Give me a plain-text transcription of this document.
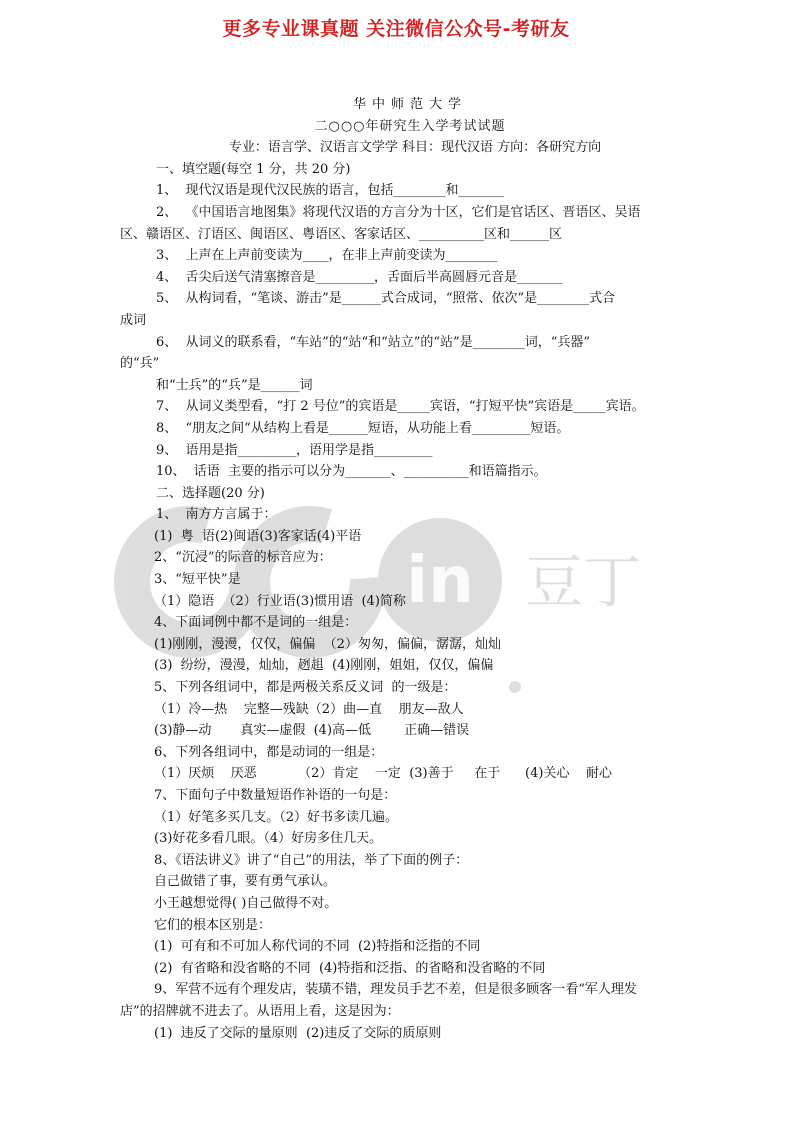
更多专业课真题 关注微信公众号-考研友
in 豆丁
华中师范大学
二○○○年研究生入学考试试题
专业：语言学、汉语言文学学 科目：现代汉语 方向：各研究方向
一、填空题(每空 1 分，共 20 分)
1、  现代汉语是现代汉民族的语言，包括________和_______
2、  《中国语言地图集》将现代汉语的方言分为十区，它们是官话区、晋语区、吴语
区、赣语区、汀语区、闽语区、粤语区、客家话区、__________区和______区
3、  上声在上声前变读为____，在非上声前变读为________
4、  舌尖后送气清塞擦音是_________，舌面后半高圆唇元音是_______
5、  从构词看，“笔谈、游击”是______式合成词，“照常、依次”是________式合
成词
6、  从词义的联系看，“车站”的“站“和“站立”的“站”是________词，“兵器”
的“兵”
和“士兵”的“兵”是______词
7、  从词义类型看，“打 2 号位”的宾语是_____宾语，“打短平快”宾语是_____宾语。
8、  “朋友之间“从结构上看是______短语，从功能上看_________短语。
9、  语用是指_________，语用学是指_________
10、  话语  主要的指示可以分为_______、__________和语篇指示。
二、选择题(20 分)
1、  南方方言属于：
(1)  粤  语(2)闽语(3)客家话(4)平语
2、“沉浸”的际音的标音应为：
3、“短平快”是
（1）隐语  （2）行业语(3)惯用语  (4)简称
4、下面词例中都不是词的一组是：
(1)刚刚，漫漫，仅仅，偏偏  （2）匆匆，偏偏，潺潺，灿灿
(3)  纷纷，漫漫，灿灿，趔趄  (4)刚刚，姐姐，仅仅，偏偏
5、下列各组词中，都是两极关系反义词  的一级是：
（1）冷—热    完整—残缺（2）曲—直    朋友—敌人
(3)静—动       真实—虚假  (4)高—低        正确—错误
6、下列各组词中，都是动词的一组是：
（1）厌烦    厌恶          （2）肯定    一定  (3)善于     在于      (4)关心    耐心
7、下面句子中数量短语作补语的一句是：
（1）好笔多买几支。（2）好书多读几遍。
(3)好花多看几眼。（4）好房多住几天。
8、《语法讲义》讲了“自己”的用法，举了下面的例子：
自己做错了事，要有勇气承认。
小王越想觉得( )自己做得不对。
它们的根本区别是：
(1)  可有和不可加人称代词的不同  (2)特指和泛指的不同
(2)  有省略和没省略的不同  (4)特指和泛指、的省略和没省略的不同
9、军营不远有个理发店，装璜不错，理发员手艺不差，但是很多顾客一看“军人理发
店”的招牌就不进去了。从语用上看，这是因为：
(1)  违反了交际的量原则  (2)违反了交际的质原则
